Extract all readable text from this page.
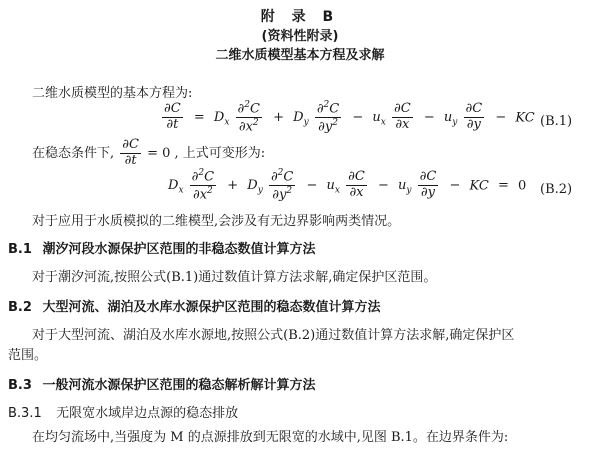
附 录 B
(资料性附录)
二维水质模型基本方程及求解
二维水质模型的基本方程为:
$\frac{\partial C}{\partial t} = D_x \frac{\partial^2C}{\partial x^2} + D_y \frac{\partial^2C}{\partial y^2} - u_x \frac{\partial C}{\partial x} - u_y \frac{\partial C}{\partial y}$ − KC (B.1)
在稳态条件下, $\frac{\partial C}{\partial t} = 0$ , 上式可变形为:
$D_x \frac{\partial^2C}{\partial x^2} + D_y \frac{\partial^2C}{\partial y^2} - u_x \frac{\partial C}{\partial x} - u_y \frac{\partial C}{\partial y}$ − KC = 0 (B.2)
对于应用于水质模拟的二维模型,会涉及有无边界影响两类情况。
B.1 潮汐河段水源保护区范围的非稳态数值计算方法
对于潮汐河流,按照公式(B.1)通过数值计算方法求解,确定保护区范围。
B.2 大型河流、湖泊及水库水源保护区范围的稳态数值计算方法
对于大型河流、湖泊及水库水源地,按照公式(B.2)通过数值计算方法求解,确定保护区
范围。
B.3 一般河流水源保护区范围的稳态解析解计算方法
B.3.1 无限宽水域岸边点源的稳态排放
在均匀流场中,当强度为 M 的点源排放到无限宽的水域中,见图 B.1。在边界条件为:
